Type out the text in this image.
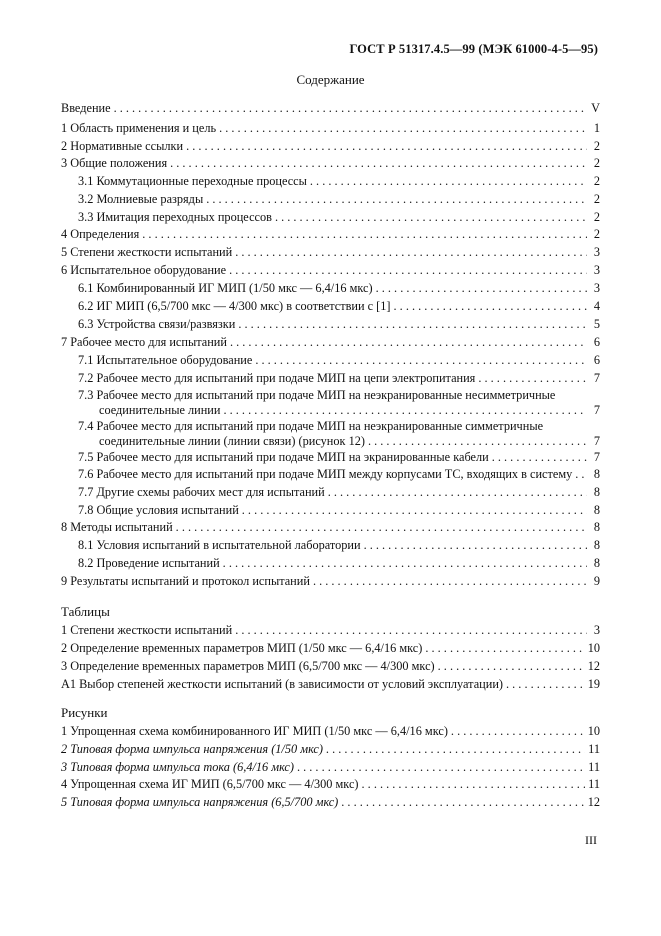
ГОСТ Р 51317.4.5—99 (МЭК 61000-4-5—95)
Содержание
Введение . . .	V
1 Область применения и цель . . .	1
2 Нормативные ссылки . . .	2
3 Общие положения . . .	2
3.1 Коммутационные переходные процессы . . .	2
3.2 Молниевые разряды . . .	2
3.3 Имитация переходных процессов . . .	2
4 Определения . . .	2
5 Степени жесткости испытаний . . .	3
6 Испытательное оборудование . . .	3
6.1 Комбинированный ИГ МИП (1/50 мкс — 6,4/16 мкс) . . .	3
6.2 ИГ МИП (6,5/700 мкс — 4/300 мкс) в соответствии с [1] . . .	4
6.3 Устройства связи/развязки . . .	5
7 Рабочее место для испытаний . . .	6
7.1 Испытательное оборудование . . .	6
7.2 Рабочее место для испытаний при подаче МИП на цепи электропитания . . .	7
7.3 Рабочее место для испытаний при подаче МИП на неэкранированные несимметричные
соединительные линии . . .	7
7.4 Рабочее место для испытаний при подаче МИП на неэкранированные симметричные
соединительные линии (линии связи) (рисунок 12) . . .	7
7.5 Рабочее место для испытаний при подаче МИП на экранированные кабели . . .	7
7.6 Рабочее место для испытаний при подаче МИП между корпусами ТС, входящих в систему . . .	8
7.7 Другие схемы рабочих мест для испытаний . . .	8
7.8 Общие условия испытаний . . .	8
8 Методы испытаний . . .	8
8.1 Условия испытаний в испытательной лаборатории . . .	8
8.2 Проведение испытаний . . .	8
9 Результаты испытаний и протокол испытаний . . .	9
Таблицы
1 Степени жесткости испытаний . . .	3
2 Определение временных параметров МИП (1/50 мкс — 6,4/16 мкс) . . .	10
3 Определение временных параметров МИП (6,5/700 мкс — 4/300 мкс) . . .	12
А1 Выбор степеней жесткости испытаний (в зависимости от условий эксплуатации) . . .	19
Рисунки
1 Упрощенная схема комбинированного ИГ МИП (1/50 мкс — 6,4/16 мкс) . . .	10
2 Типовая форма импульса напряжения (1/50 мкс) . . .	11
3 Типовая форма импульса тока (6,4/16 мкс) . . .	11
4 Упрощенная схема ИГ МИП (6,5/700 мкс — 4/300 мкс) . . .	11
5 Типовая форма импульса напряжения (6,5/700 мкс) . . .	12
III
